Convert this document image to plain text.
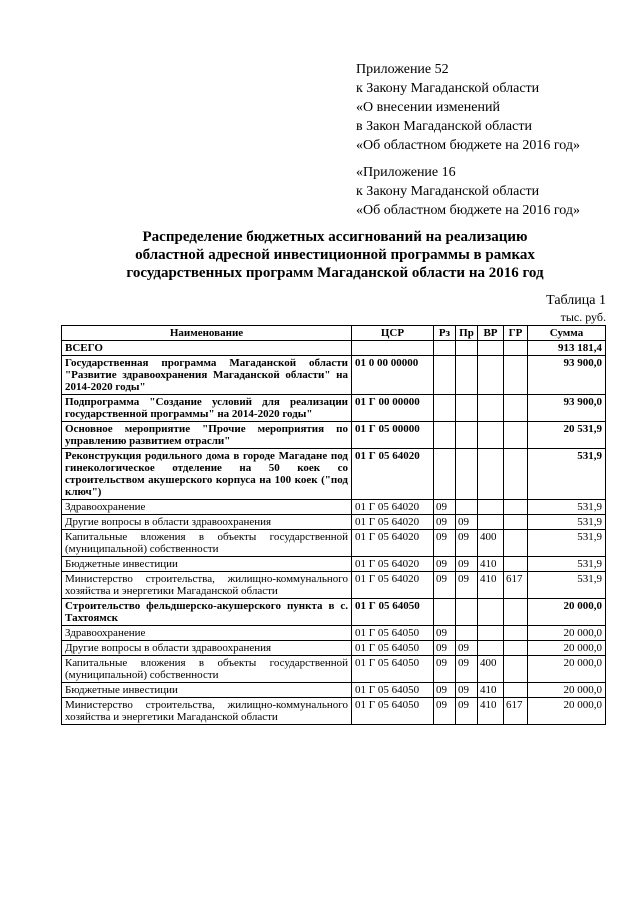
Приложение 52
к Закону Магаданской области
«О внесении изменений
в Закон Магаданской области
«Об областном бюджете на 2016 год»
«Приложение 16
к Закону Магаданской области
«Об областном бюджете на 2016 год»
Распределение бюджетных ассигнований на реализацию
областной адресной инвестиционной программы в рамках
государственных программ Магаданской области на 2016 год
Таблица 1
тыс. руб.
Наименование	ЦСР	Рз	Пр	ВР	ГР	Сумма
ВСЕГО						913 181,4
Государственная программа Магаданской области "Развитие здравоохранения Магаданской области" на 2014-2020 годы"	01 0 00 00000					93 900,0
Подпрограмма "Создание условий для реализации государственной программы" на 2014-2020 годы"	01 Г 00 00000					93 900,0
Основное мероприятие "Прочие мероприятия по управлению развитием отрасли"	01 Г 05 00000					20 531,9
Реконструкция родильного дома в городе Магадане под гинекологическое отделение на 50 коек со строительством акушерского корпуса на 100 коек ("под ключ")	01 Г 05 64020					531,9
Здравоохранение	01 Г 05 64020	09				531,9
Другие вопросы в области здравоохранения	01 Г 05 64020	09	09			531,9
Капитальные вложения в объекты государственной (муниципальной) собственности	01 Г 05 64020	09	09	400		531,9
Бюджетные инвестиции	01 Г 05 64020	09	09	410		531,9
Министерство строительства, жилищно-коммунального хозяйства и энергетики Магаданской области	01 Г 05 64020	09	09	410	617	531,9
Строительство фельдшерско-акушерского пункта в с. Тахтоямск	01 Г 05 64050					20 000,0
Здравоохранение	01 Г 05 64050	09				20 000,0
Другие вопросы в области здравоохранения	01 Г 05 64050	09	09			20 000,0
Капитальные вложения в объекты государственной (муниципальной) собственности	01 Г 05 64050	09	09	400		20 000,0
Бюджетные инвестиции	01 Г 05 64050	09	09	410		20 000,0
Министерство строительства, жилищно-коммунального хозяйства и энергетики Магаданской области	01 Г 05 64050	09	09	410	617	20 000,0
